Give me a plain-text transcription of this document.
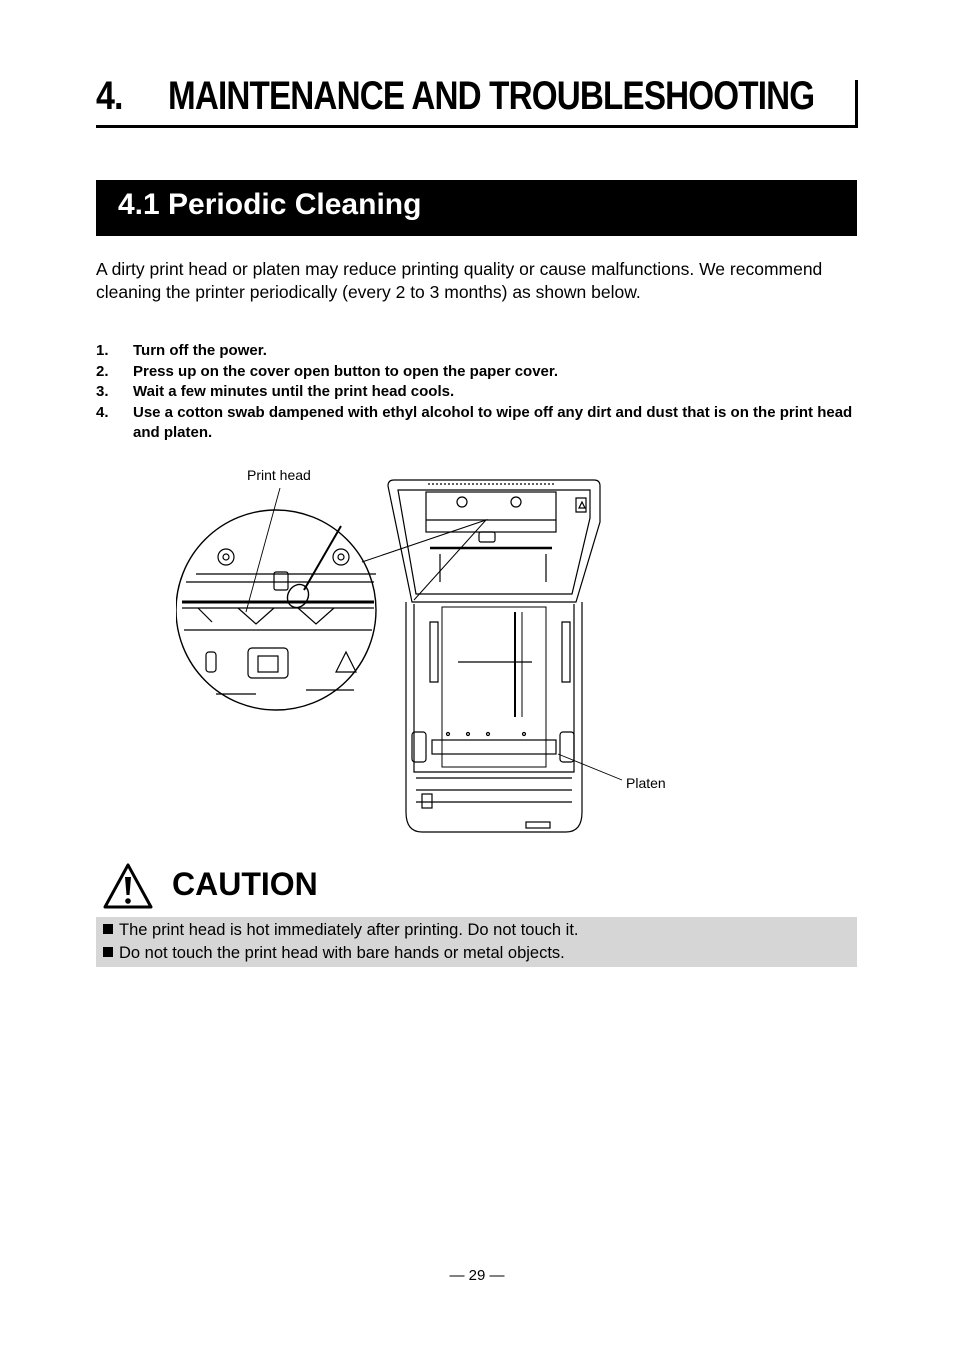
4. MAINTENANCE AND TROUBLESHOOTING
4.1 Periodic Cleaning

A dirty print head or platen may reduce printing quality or cause malfunctions. We recommend cleaning the printer periodically (every 2 to 3 months) as shown below.

1. Turn off the power.
2. Press up on the cover open button to open the paper cover.
3. Wait a few minutes until the print head cools.
4. Use a cotton swab dampened with ethyl alcohol to wipe off any dirt and dust that is on the print head and platen.
Print head
Platen
CAUTION
The print head is hot immediately after printing. Do not touch it.
Do not touch the print head with bare hands or metal objects.
— 29 —
